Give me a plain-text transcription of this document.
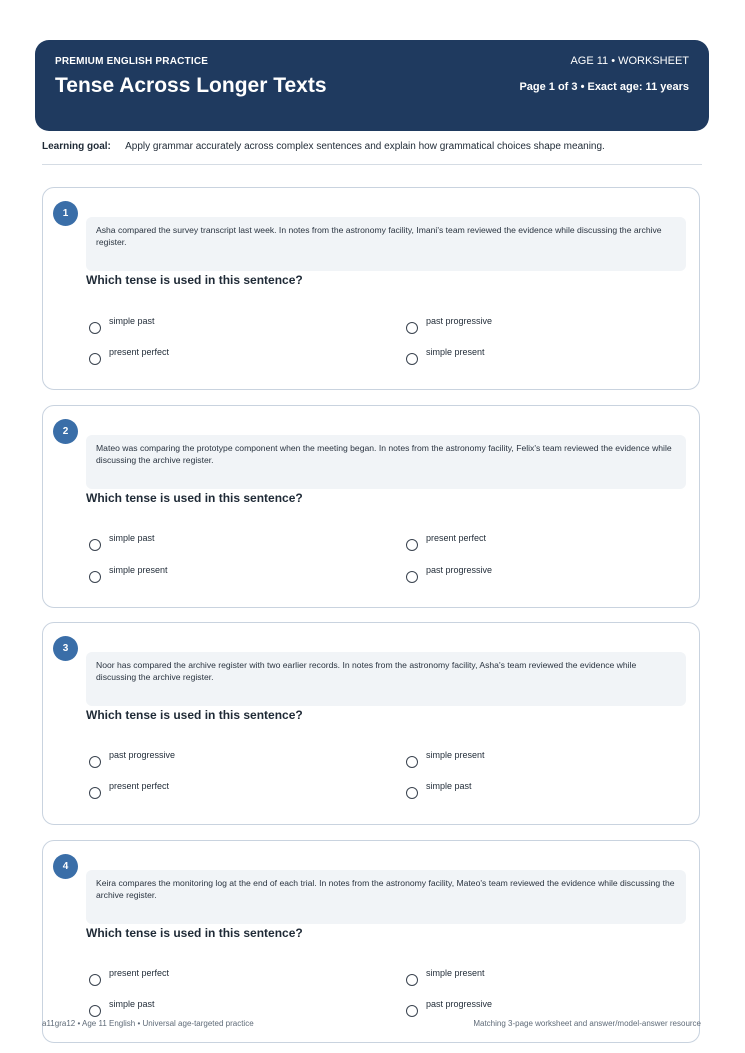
PREMIUM ENGLISH PRACTICE
Tense Across Longer Texts
AGE 11 • WORKSHEET
Page 1 of 3 • Exact age: 11 years
Learning goal: Apply grammar accurately across complex sentences and explain how grammatical choices shape meaning.
1
Asha compared the survey transcript last week. In notes from the astronomy facility, Imani's team reviewed the evidence while discussing the archive register.
Which tense is used in this sentence?
simple past	past progressive
present perfect	simple present
2
Mateo was comparing the prototype component when the meeting began. In notes from the astronomy facility, Felix's team reviewed the evidence while discussing the archive register.
Which tense is used in this sentence?
simple past	present perfect
simple present	past progressive
3
Noor has compared the archive register with two earlier records. In notes from the astronomy facility, Asha's team reviewed the evidence while discussing the archive register.
Which tense is used in this sentence?
past progressive	simple present
present perfect	simple past
4
Keira compares the monitoring log at the end of each trial. In notes from the astronomy facility, Mateo's team reviewed the evidence while discussing the archive register.
Which tense is used in this sentence?
present perfect	simple present
simple past	past progressive
a11gra12 • Age 11 English • Universal age-targeted practice	Matching 3-page worksheet and answer/model-answer resource
